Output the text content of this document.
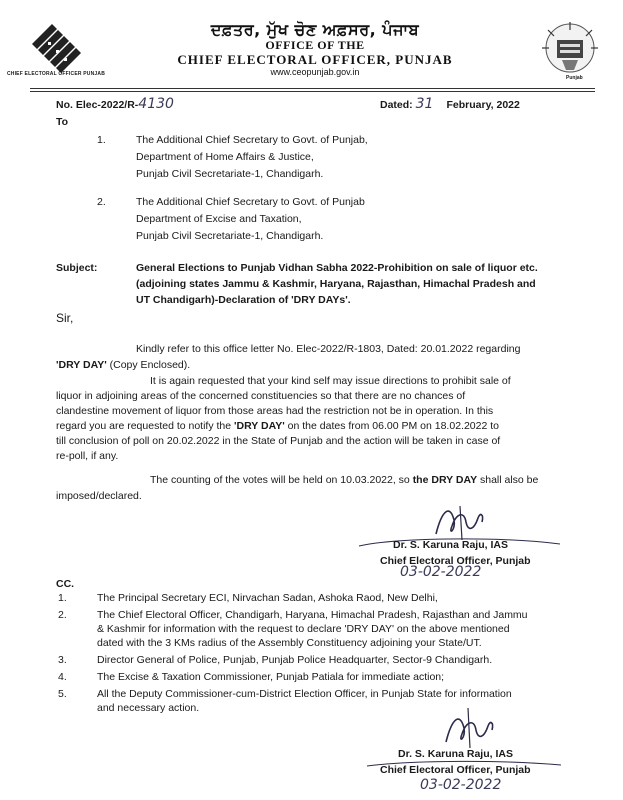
CHIEF ELECTORAL OFFICER PUNJAB
ਦਫ਼ਤਰ, ਮੁੱਖ ਚੋਣ ਅਫ਼ਸਰ, ਪੰਜਾਬ
OFFICE OF THE
CHIEF ELECTORAL OFFICER, PUNJAB
www.ceopunjab.gov.in
Punjab
No. Elec-2022/R-4130	Dated: 31 February, 2022
To
1.	The Additional Chief Secretary to Govt. of Punjab,
Department of Home Affairs & Justice,
Punjab Civil Secretariate-1, Chandigarh.
2.	The Additional Chief Secretary to Govt. of Punjab
Department of Excise and Taxation,
Punjab Civil Secretariate-1, Chandigarh.
Subject:	General Elections to Punjab Vidhan Sabha 2022-Prohibition on sale of liquor etc.
(adjoining states Jammu & Kashmir, Haryana, Rajasthan, Himachal Pradesh and
UT Chandigarh)-Declaration of 'DRY DAYs'.
Sir,
Kindly refer to this office letter No. Elec-2022/R-1803, Dated: 20.01.2022 regarding
'DRY DAY' (Copy Enclosed).
It is again requested that your kind self may issue directions to prohibit sale of
liquor in adjoining areas of the concerned constituencies so that there are no chances of
clandestine movement of liquor from those areas had the restriction not be in operation. In this
regard you are requested to notify the 'DRY DAY' on the dates from 06.00 PM on 18.02.2022 to
till conclusion of poll on 20.02.2022 in the State of Punjab and the action will be taken in case of
re-poll, if any.
The counting of the votes will be held on 10.03.2022, so the DRY DAY shall also be
imposed/declared.
Dr. S. Karuna Raju, IAS
Chief Electoral Officer, Punjab
03-02-2022
CC.
1.	The Principal Secretary ECI, Nirvachan Sadan, Ashoka Raod, New Delhi,
2.	The Chief Electoral Officer, Chandigarh, Haryana, Himachal Pradesh, Rajasthan and Jammu
& Kashmir for information with the request to declare 'DRY DAY' on the above mentioned
dated with the 3 KMs radius of the Assembly Constituency adjoining your State/UT.
3.	Director General of Police, Punjab, Punjab Police Headquarter, Sector-9 Chandigarh.
4.	The Excise & Taxation Commissioner, Punjab Patiala for immediate action;
5.	All the Deputy Commissioner-cum-District Election Officer, in Punjab State for information
and necessary action.
Dr. S. Karuna Raju, IAS
Chief Electoral Officer, Punjab
03-02-2022
